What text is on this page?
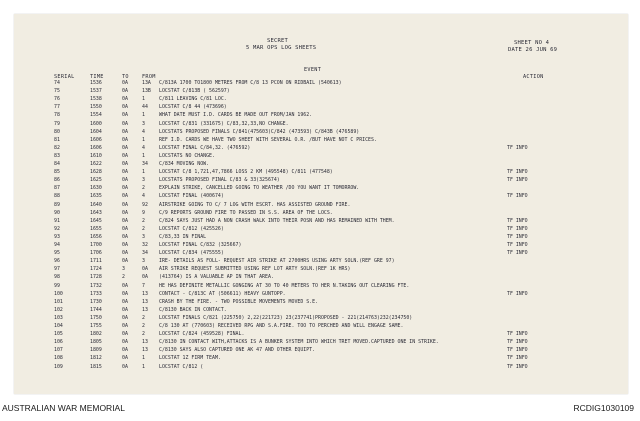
SECRET
5 MAR OPS LOG SHEETS
SHEET NO 4
DATE 26 JUN 69
SERIAL	TIME	TO	FROM
EVENT
ACTION
74	1536	0A	13A C/813A 1700 TO1800 METRES FROM C/8 13 PCON ON RIDBAIL (540613)
75	1537	0A	13B LOCSTAT C/813B ( 562597)
76	1538	0A	1	C/811 LEAVING C/81 LOC.
77	1550	0A	44 LOCSTAT C/8 44 (473696)
78	1554	0A	1	WHAT DATE MUST I.D. CARDS BE MADE OUT FROM/JAN 1962.
79	1600	0A	3	LOCSTAT C/831 (331675) C/83,32,33,NO CHANGE.
80	1604	0A	4	LOCSTATS PROPOSED FINALS C/841(475603)C/842 (473593) C/843B (476589)
81	1606	0A	1	REF I.D. CARDS WE HAVE TWO SHEET WITH SEVERAL O.R. /BUT HAVE NOT C PRICES.
82	1606	0A	4	LOCSTAT FINAL C/84,32. (476592)	TF INFO
83	1610	0A	1	LOCSTATS NO CHANGE.
84	1622	0A	34 C/834 MOVING NOW.
85	1628	0A	1	LOCSTAT C/8 1,721,47,7866 LOSS 2 KM (495548) C/811 (477548)	TF INFO
86	1625	0A	3	LOCSTATS PROPOSED FINAL C/83 & 33(325674)	TF INFO
87	1630	0A	2	EXPLAIN STRIKE, CANCELLED GOING TO WEATHER /DO YOU WANT IT TOMORROW.
88	1635	0A	4	LOCSTAT FINAL (400674)	TF INFO
89	1640	0A	92 AIRSTRIKE GOING TO C/ 7 LOG WITH ESCRT. HAS ASSISTED GROUND FIRE.
90	1643	0A	9	C/9 REPORTS GROUND FIRE TO PASSED IN S.S. AREA OF THE LOCS.
91	1645	0A	2	C/824 SAYS JUST HAD A NON CRASH WALK INTO THEIR POSN AND HAS REMAINED WITH THEM.	TF INFO
92	1655	0A	2	LOCSTAT C/812 (425526)	TF INFO
93	1656	0A	3	C/83,33 IN FINAL	TF INFO
94	1700	0A	32 LOCSTAT FINAL C/832 (325667)	TF INFO
95	1706	0A	34 LOCSTAT C/834 (475555)	TF INFO
96	1711	0A	3	IRE- DETAILS AS FOLL- REQUEST AIR STRIKE AT 2700HRS USING ARTY SOLN.(REF GRE 97)
97	1724	3	0A AIR STRIKE REQUEST SUBMITTED USING REF LOT ARTY SOLN.(REF 1K HRS)
98	1728	2	0A (413764) IS A VALUABLE AP IN THAT AREA.
99	1732	0A	7	HE HAS DEFINITE METALLIC GONGING AT 30 TO 40 METERS TO HER N.TAKING OUT CLEARING FTE.
100	1733	0A	13 CONTACT - C/813C AT (506611) HEAVY GUNTOPP.	TF INFO
101	1730	0A	13 CRASH BY THE FIRE. - TWO POSSIBLE MOVEMENTS MOVED S.E.
102	1744	0A	13 C/8130 BACK IN CONTACT.
103	1750	0A	2	LOCSTAT FINALS C/821 (225750) 2,22(221723) 23(237741)PROPOSED - 221(214763)232(234750)
104	1755	0A	2	C/8 130 AT (770603) RECEIVED RPG AND S.A.FIRE. TOO TO PERCHED AND WILL ENGAGE SAME.
105	1802	0A	2	LOCSTAT C/824 (459528) FINAL.	TF INFO
106	1805	0A	13 C/8130 IN CONTACT WITH,ATTACKS IS A BUNKER SYSTEM INTO WHICH TRET MOVED.CAPTURED ONE IN STRIKE.	TF INFO
107	1809	0A	13 C/8130 SAYS ALSO CAPTURED ONE AK 47 AND OTHER EQUIPT.	TF INFO
108	1812	0A	1	LOCSTAT 1Z FIRM TEAM.	TF INFO
109	1815	0A	1	LOCSTAT C/812 (	TF INFO
AUSTRALIAN WAR MEMORIAL	RCDIG1030109
